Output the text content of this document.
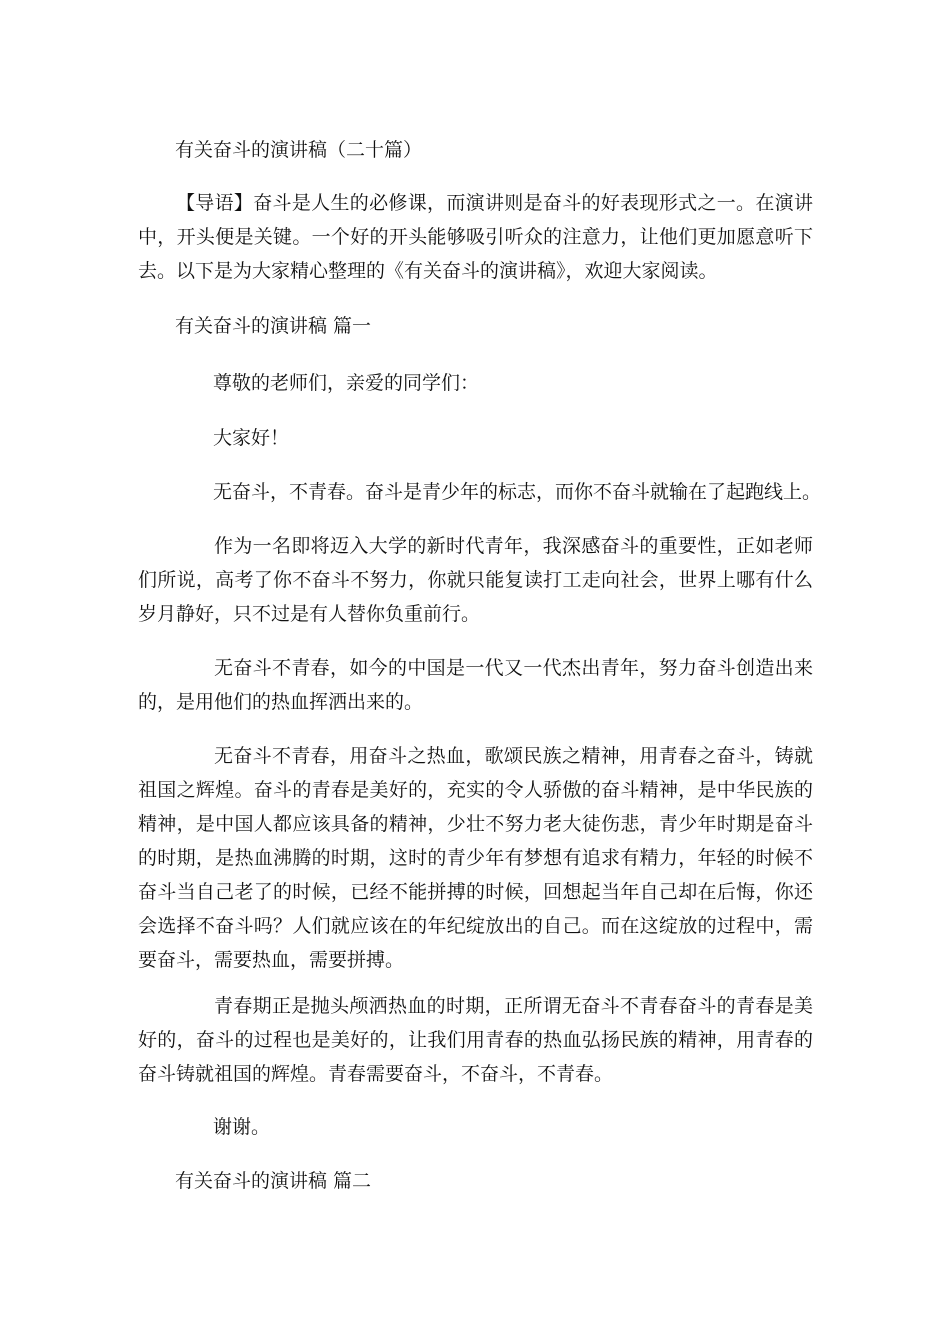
有关奋斗的演讲稿（二十篇）
【导语】奋斗是人生的必修课，而演讲则是奋斗的好表现形式之一。在演讲中，开头便是关键。一个好的开头能够吸引听众的注意力，让他们更加愿意听下去。以下是为大家精心整理的《有关奋斗的演讲稿》，欢迎大家阅读。
有关奋斗的演讲稿 篇一
尊敬的老师们，亲爱的同学们：
大家好！
无奋斗，不青春。奋斗是青少年的标志，而你不奋斗就输在了起跑线上。
作为一名即将迈入大学的新时代青年，我深感奋斗的重要性，正如老师们所说，高考了你不奋斗不努力，你就只能复读打工走向社会，世界上哪有什么岁月静好，只不过是有人替你负重前行。
无奋斗不青春，如今的中国是一代又一代杰出青年，努力奋斗创造出来的，是用他们的热血挥洒出来的。
无奋斗不青春，用奋斗之热血，歌颂民族之精神，用青春之奋斗，铸就祖国之辉煌。奋斗的青春是美好的，充实的令人骄傲的奋斗精神，是中华民族的精神，是中国人都应该具备的精神，少壮不努力老大徒伤悲，青少年时期是奋斗的时期，是热血沸腾的时期，这时的青少年有梦想有追求有精力，年轻的时候不奋斗当自己老了的时候，已经不能拼搏的时候，回想起当年自己却在后悔，你还会选择不奋斗吗？人们就应该在的年纪绽放出的自己。而在这绽放的过程中，需要奋斗，需要热血，需要拼搏。
青春期正是抛头颅洒热血的时期，正所谓无奋斗不青春奋斗的青春是美好的，奋斗的过程也是美好的，让我们用青春的热血弘扬民族的精神，用青春的奋斗铸就祖国的辉煌。青春需要奋斗，不奋斗，不青春。
谢谢。
有关奋斗的演讲稿 篇二
